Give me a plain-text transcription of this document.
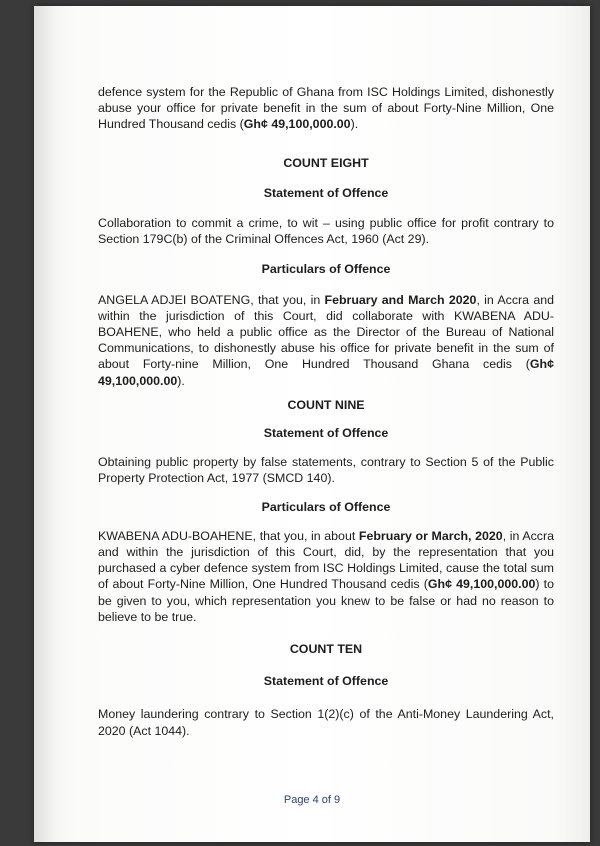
defence system for the Republic of Ghana from ISC Holdings Limited, dishonestly abuse your office for private benefit in the sum of about Forty-Nine Million, One Hundred Thousand cedis (Gh¢ 49,100,000.00).

COUNT EIGHT

Statement of Offence

Collaboration to commit a crime, to wit – using public office for profit contrary to Section 179C(b) of the Criminal Offences Act, 1960 (Act 29).

Particulars of Offence

ANGELA ADJEI BOATENG, that you, in February and March 2020, in Accra and within the jurisdiction of this Court, did collaborate with KWABENA ADU-BOAHENE, who held a public office as the Director of the Bureau of National Communications, to dishonestly abuse his office for private benefit in the sum of about Forty-nine Million, One Hundred Thousand Ghana cedis (Gh¢ 49,100,000.00).

COUNT NINE

Statement of Offence

Obtaining public property by false statements, contrary to Section 5 of the Public Property Protection Act, 1977 (SMCD 140).

Particulars of Offence

KWABENA ADU-BOAHENE, that you, in about February or March, 2020, in Accra and within the jurisdiction of this Court, did, by the representation that you purchased a cyber defence system from ISC Holdings Limited, cause the total sum of about Forty-Nine Million, One Hundred Thousand cedis (Gh¢ 49,100,000.00) to be given to you, which representation you knew to be false or had no reason to believe to be true.

COUNT TEN

Statement of Offence

Money laundering contrary to Section 1(2)(c) of the Anti-Money Laundering Act, 2020 (Act 1044).

Page 4 of 9
